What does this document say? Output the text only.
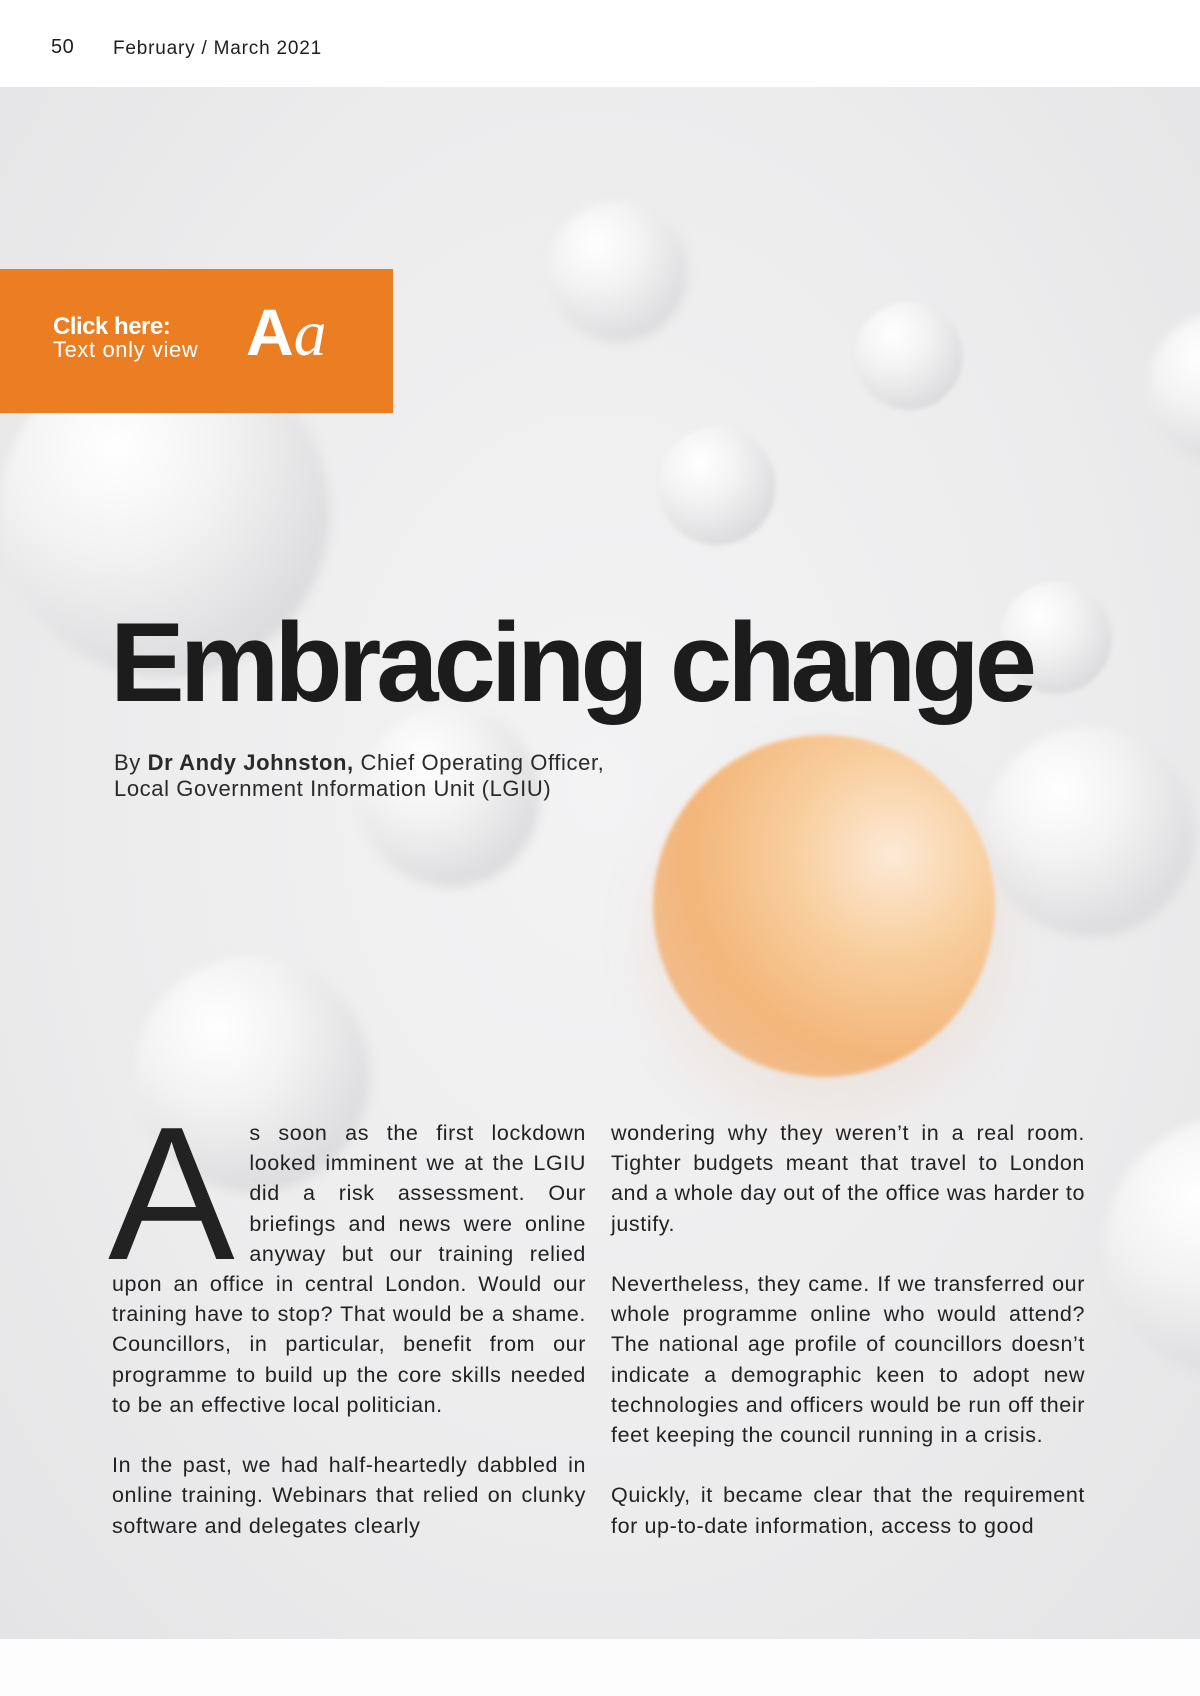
50 February / March 2021
Click here:
Text only view Aa
Embracing change

By Dr Andy Johnston, Chief Operating Officer,
Local Government Information Unit (LGIU)

As soon as the first lockdown looked imminent we at the LGIU did a risk assessment. Our briefings and news were online anyway but our training relied upon an office in central London. Would our training have to stop? That would be a shame. Councillors, in particular, benefit from our programme to build up the core skills needed to be an effective local politician.

In the past, we had half-heartedly dabbled in online training. Webinars that relied on clunky software and delegates clearly

wondering why they weren’t in a real room. Tighter budgets meant that travel to London and a whole day out of the office was harder to justify.

Nevertheless, they came. If we transferred our whole programme online who would attend? The national age profile of councillors doesn’t indicate a demographic keen to adopt new technologies and officers would be run off their feet keeping the council running in a crisis.

Quickly, it became clear that the requirement for up-to-date information, access to good
